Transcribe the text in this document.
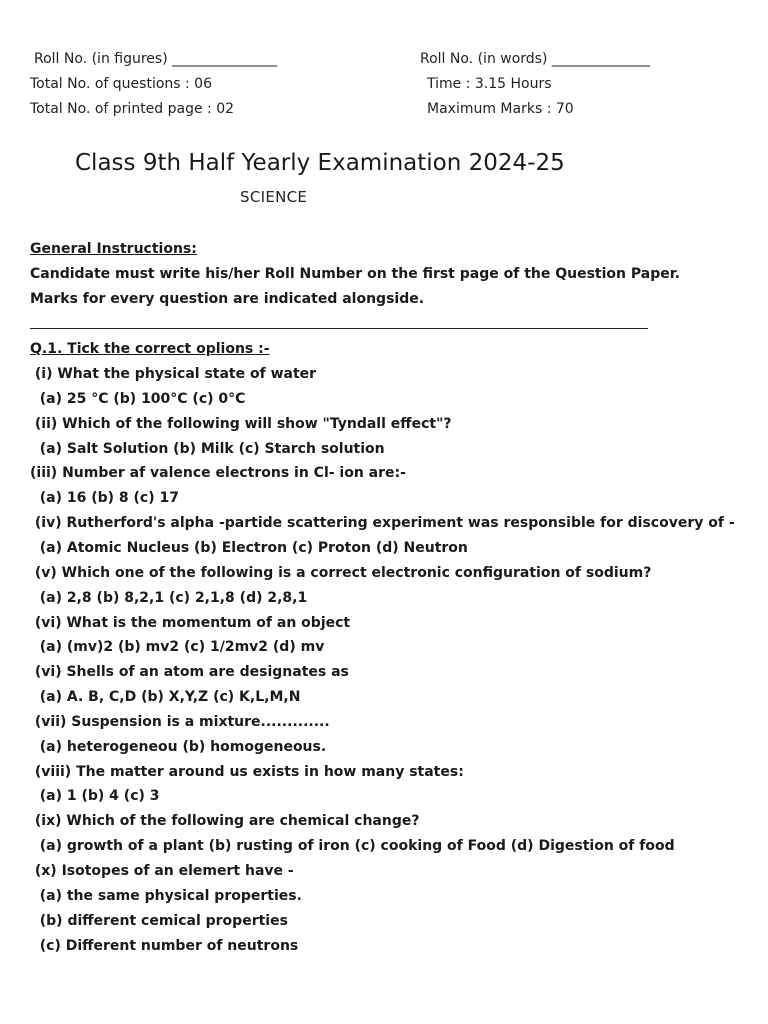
Roll No. (in figures) _______________	Roll No. (in words) ______________
Total No. of questions : 06	Time : 3.15 Hours
Total No. of printed page : 02	Maximum Marks : 70
Class 9th Half Yearly Examination 2024-25
SCIENCE
General Instructions:
Candidate must write his/her Roll Number on the first page of the Question Paper.
Marks for every question are indicated alongside.
Q.1. Tick the correct oplions :-
(i) What the physical state of water
(a) 25 °C (b) 100°C (c) 0°C
(ii) Which of the following will show "Tyndall effect"?
(a) Salt Solution (b) Milk (c) Starch solution
(iii) Number af valence electrons in Cl- ion are:-
(a) 16 (b) 8 (c) 17
(iv) Rutherford's alpha -partide scattering experiment was responsible for discovery of -
(a) Atomic Nucleus (b) Electron (c) Proton (d) Neutron
(v) Which one of the following is a correct electronic configuration of sodium?
(a) 2,8 (b) 8,2,1 (c) 2,1,8 (d) 2,8,1
(vi) What is the momentum of an object
(a) (mv)2 (b) mv2 (c) 1/2mv2 (d) mv
(vi) Shells of an atom are designates as
(a) A. B, C,D (b) X,Y,Z (c) K,L,M,N
(vii) Suspension is a mixture.............
(a) heterogeneou (b) homogeneous.
(viii) The matter around us exists in how many states:
(a) 1 (b) 4 (c) 3
(ix) Which of the following are chemical change?
(a) growth of a plant (b) rusting of iron (c) cooking of Food (d) Digestion of food
(x) Isotopes of an elemert have -
(a) the same physical properties.
(b) different cemical properties
(c) Different number of neutrons
